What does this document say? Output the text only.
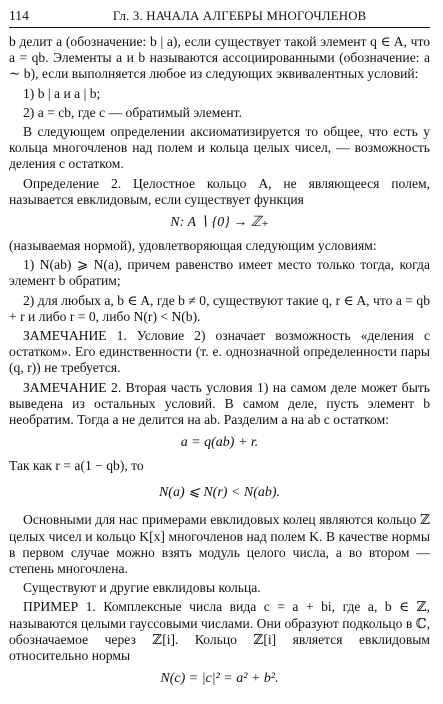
114	Гл. 3. НАЧАЛА АЛГЕБРЫ МНОГОЧЛЕНОВ

b делит a (обозначение: b | a), если существует такой элемент q ∈ A, что a = qb. Элементы a и b называются ассоциированными (обозначение: a ∼ b), если выполняется любое из следующих эквивалентных условий:

1) b | a и a | b;

2) a = cb, где c — обратимый элемент.

В следующем определении аксиоматизируется то общее, что есть у кольца многочленов над полем и кольца целых чисел, — возможность деления с остатком.

Определение 2. Целостное кольцо A, не являющееся полем, называется евклидовым, если существует функция

N: A ∖ {0} → ℤ₊

(называемая нормой), удовлетворяющая следующим условиям:

1) N(ab) ⩾ N(a), причем равенство имеет место только тогда, когда элемент b обратим;

2) для любых a, b ∈ A, где b ≠ 0, существуют такие q, r ∈ A, что a = qb + r и либо r = 0, либо N(r) < N(b).

ЗАМЕЧАНИЕ 1. Условие 2) означает возможность «деления с остатком». Его единственности (т. е. однозначной определенности пары (q, r)) не требуется.

ЗАМЕЧАНИЕ 2. Вторая часть условия 1) на самом деле может быть выведена из остальных условий. В самом деле, пусть элемент b необратим. Тогда a не делится на ab. Разделим a на ab с остатком:

a = q(ab) + r.

Так как r = a(1 − qb), то

N(a) ⩽ N(r) < N(ab).

Основными для нас примерами евклидовых колец являются кольцо ℤ целых чисел и кольцо K[x] многочленов над полем K. В качестве нормы в первом случае можно взять модуль целого числа, а во втором — степень многочлена.

Существуют и другие евклидовы кольца.

ПРИМЕР 1. Комплексные числа вида c = a + bi, где a, b ∈ ℤ, называются целыми гауссовыми числами. Они образуют подкольцо в ℂ, обозначаемое через ℤ[i]. Кольцо ℤ[i] является евклидовым относительно нормы

N(c) = |c|² = a² + b².
